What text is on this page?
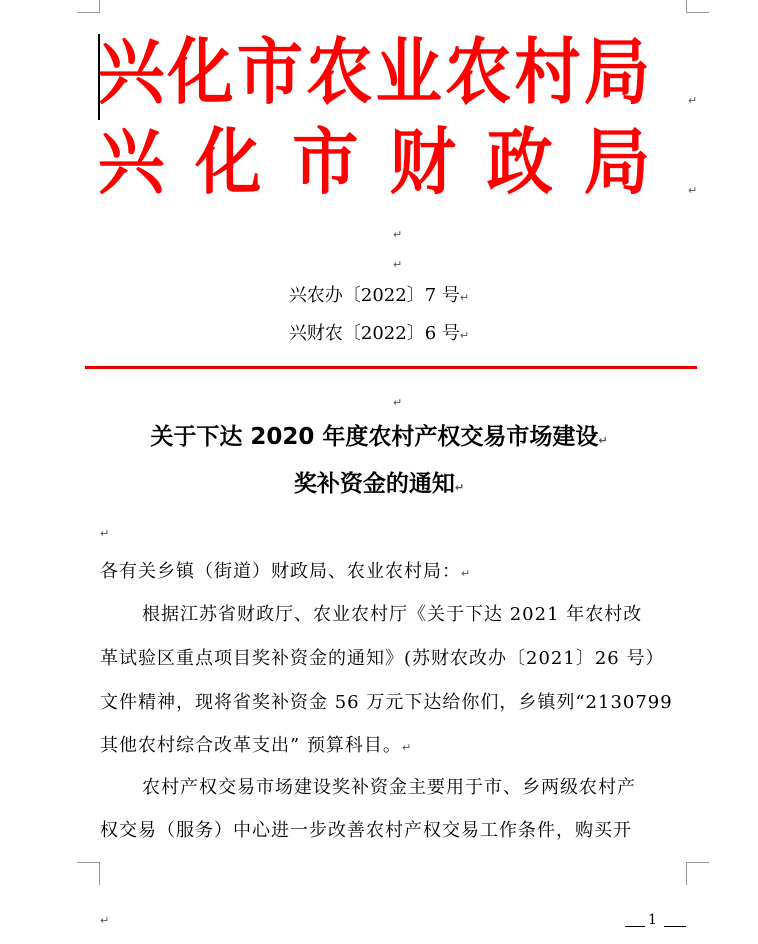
兴 化 市 农 业 农 村 局	↵
兴 化 市 财 政 局	↵
↵
↵
兴农办〔2022〕7 号↵
兴财农〔2022〕6 号↵
↵
关于下达 2020 年度农村产权交易市场建设↵
奖补资金的通知↵
↵
各有关乡镇（街道）财政局、农业农村局：↵
根据江苏省财政厅、农业农村厅《关于下达 2021 年农村改
革试验区重点项目奖补资金的通知》(苏财农改办〔2021〕26 号）
文件精神，现将省奖补资金 56 万元下达给你们，乡镇列“2130799
其他农村综合改革支出” 预算科目。↵
农村产权交易市场建设奖补资金主要用于市、乡两级农村产
权交易（服务）中心进一步改善农村产权交易工作条件，购买开
↵	1
